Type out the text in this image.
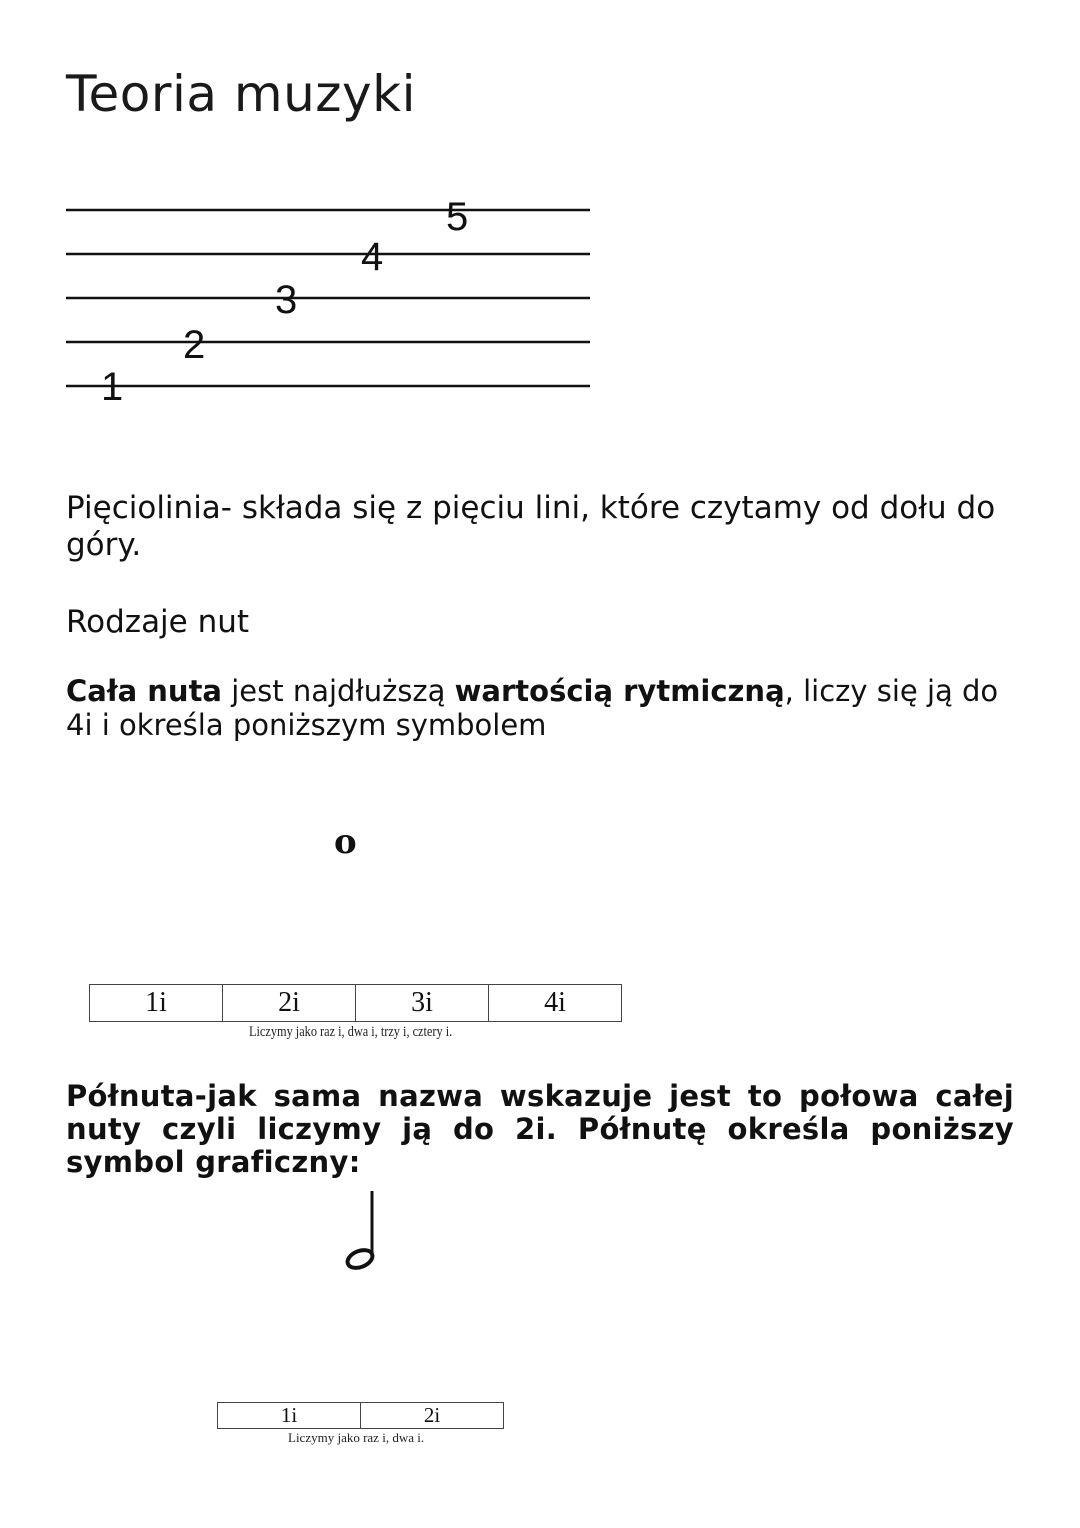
Teoria muzyki
1
2
3
4
5
Pięciolinia- składa się z pięciu lini, które czytamy od dołu do góry.
Rodzaje nut
Cała nuta jest najdłuższą wartością rytmiczną, liczy się ją do 4i i określa poniższym symbolem
o
1i	2i	3i	4i
Liczymy jako raz i, dwa i, trzy i, cztery i.
Półnuta-jak sama nazwa wskazuje jest to połowa całej nuty czyli liczymy ją do 2i. Półnutę określa poniższy symbol graficzny:
1i	2i
Liczymy jako raz i, dwa i.
